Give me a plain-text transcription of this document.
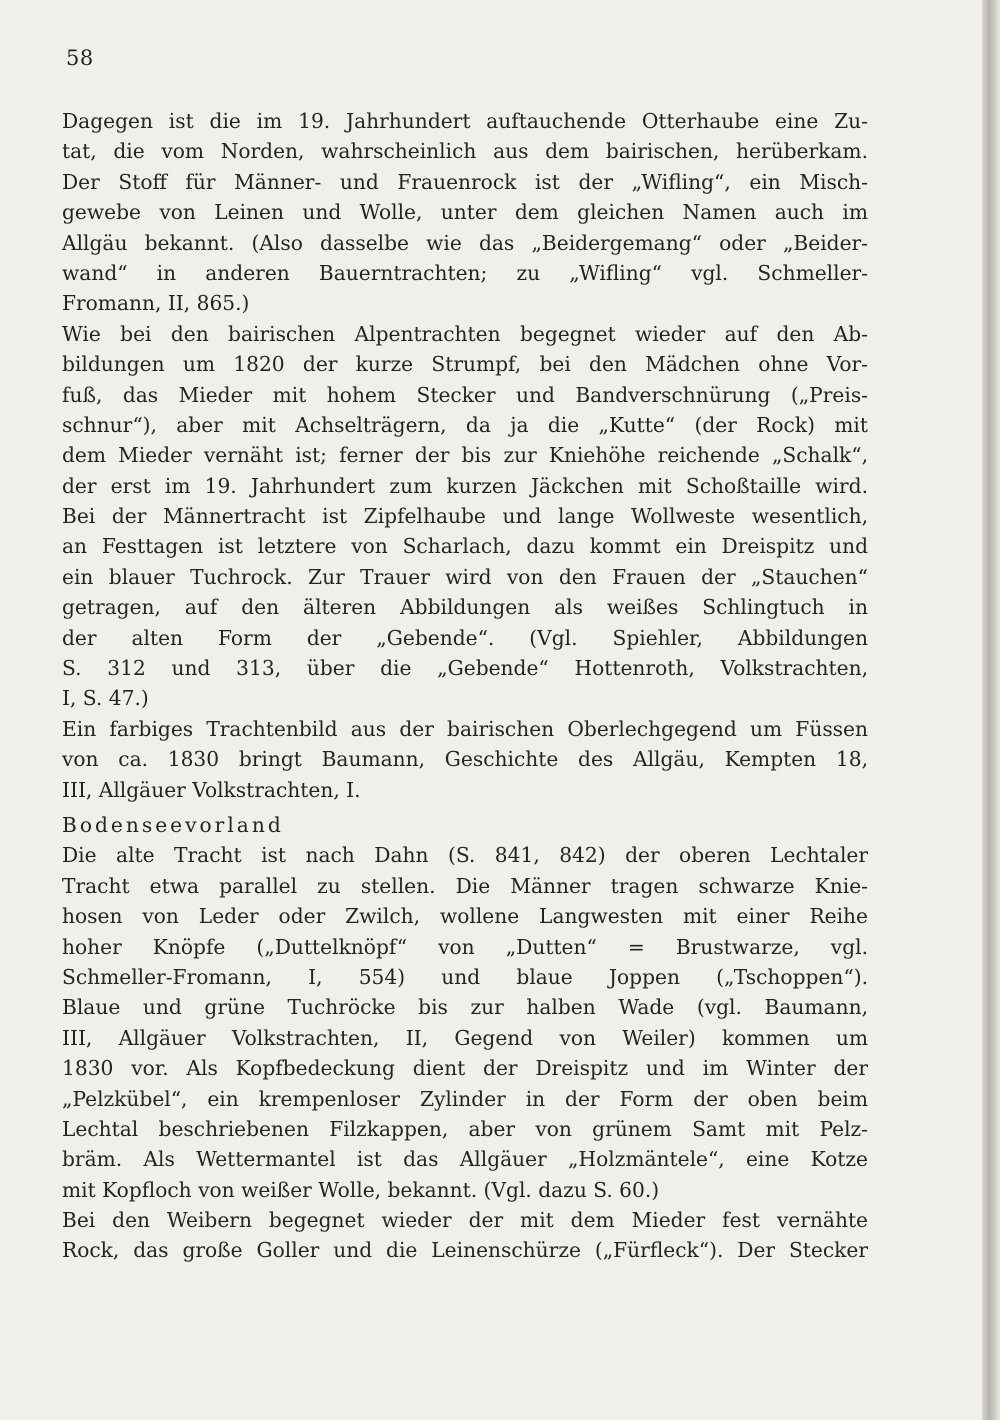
58
Dagegen ist die im 19. Jahrhundert auftauchende Otterhaube eine Zu-
tat, die vom Norden, wahrscheinlich aus dem bairischen, herüberkam.
Der Stoff für Männer- und Frauenrock ist der „Wifling“, ein Misch-
gewebe von Leinen und Wolle, unter dem gleichen Namen auch im
Allgäu bekannt. (Also dasselbe wie das „Beidergemang“ oder „Beider-
wand“ in anderen Bauerntrachten; zu „Wifling“ vgl. Schmeller-
Fromann, II, 865.)
Wie bei den bairischen Alpentrachten begegnet wieder auf den Ab-
bildungen um 1820 der kurze Strumpf, bei den Mädchen ohne Vor-
fuß, das Mieder mit hohem Stecker und Bandverschnürung („Preis-
schnur“), aber mit Achselträgern, da ja die „Kutte“ (der Rock) mit
dem Mieder vernäht ist; ferner der bis zur Kniehöhe reichende „Schalk“,
der erst im 19. Jahrhundert zum kurzen Jäckchen mit Schoßtaille wird.
Bei der Männertracht ist Zipfelhaube und lange Wollweste wesentlich,
an Festtagen ist letztere von Scharlach, dazu kommt ein Dreispitz und
ein blauer Tuchrock. Zur Trauer wird von den Frauen der „Stauchen“
getragen, auf den älteren Abbildungen als weißes Schlingtuch in
der alten Form der „Gebende“. (Vgl. Spiehler, Abbildungen
S. 312 und 313, über die „Gebende“ Hottenroth, Volkstrachten,
I, S. 47.)
Ein farbiges Trachtenbild aus der bairischen Oberlechgegend um Füssen
von ca. 1830 bringt Baumann, Geschichte des Allgäu, Kempten 18,
III, Allgäuer Volkstrachten, I.
Bodenseevorland
Die alte Tracht ist nach Dahn (S. 841, 842) der oberen Lechtaler
Tracht etwa parallel zu stellen. Die Männer tragen schwarze Knie-
hosen von Leder oder Zwilch, wollene Langwesten mit einer Reihe
hoher Knöpfe („Duttelknöpf“ von „Dutten“ = Brustwarze, vgl.
Schmeller-Fromann, I, 554) und blaue Joppen („Tschoppen“).
Blaue und grüne Tuchröcke bis zur halben Wade (vgl. Baumann,
III, Allgäuer Volkstrachten, II, Gegend von Weiler) kommen um
1830 vor. Als Kopfbedeckung dient der Dreispitz und im Winter der
„Pelzkübel“, ein krempenloser Zylinder in der Form der oben beim
Lechtal beschriebenen Filzkappen, aber von grünem Samt mit Pelz-
bräm. Als Wettermantel ist das Allgäuer „Holzmäntele“, eine Kotze
mit Kopfloch von weißer Wolle, bekannt. (Vgl. dazu S. 60.)
Bei den Weibern begegnet wieder der mit dem Mieder fest vernähte
Rock, das große Goller und die Leinenschürze („Fürfleck“). Der Stecker
